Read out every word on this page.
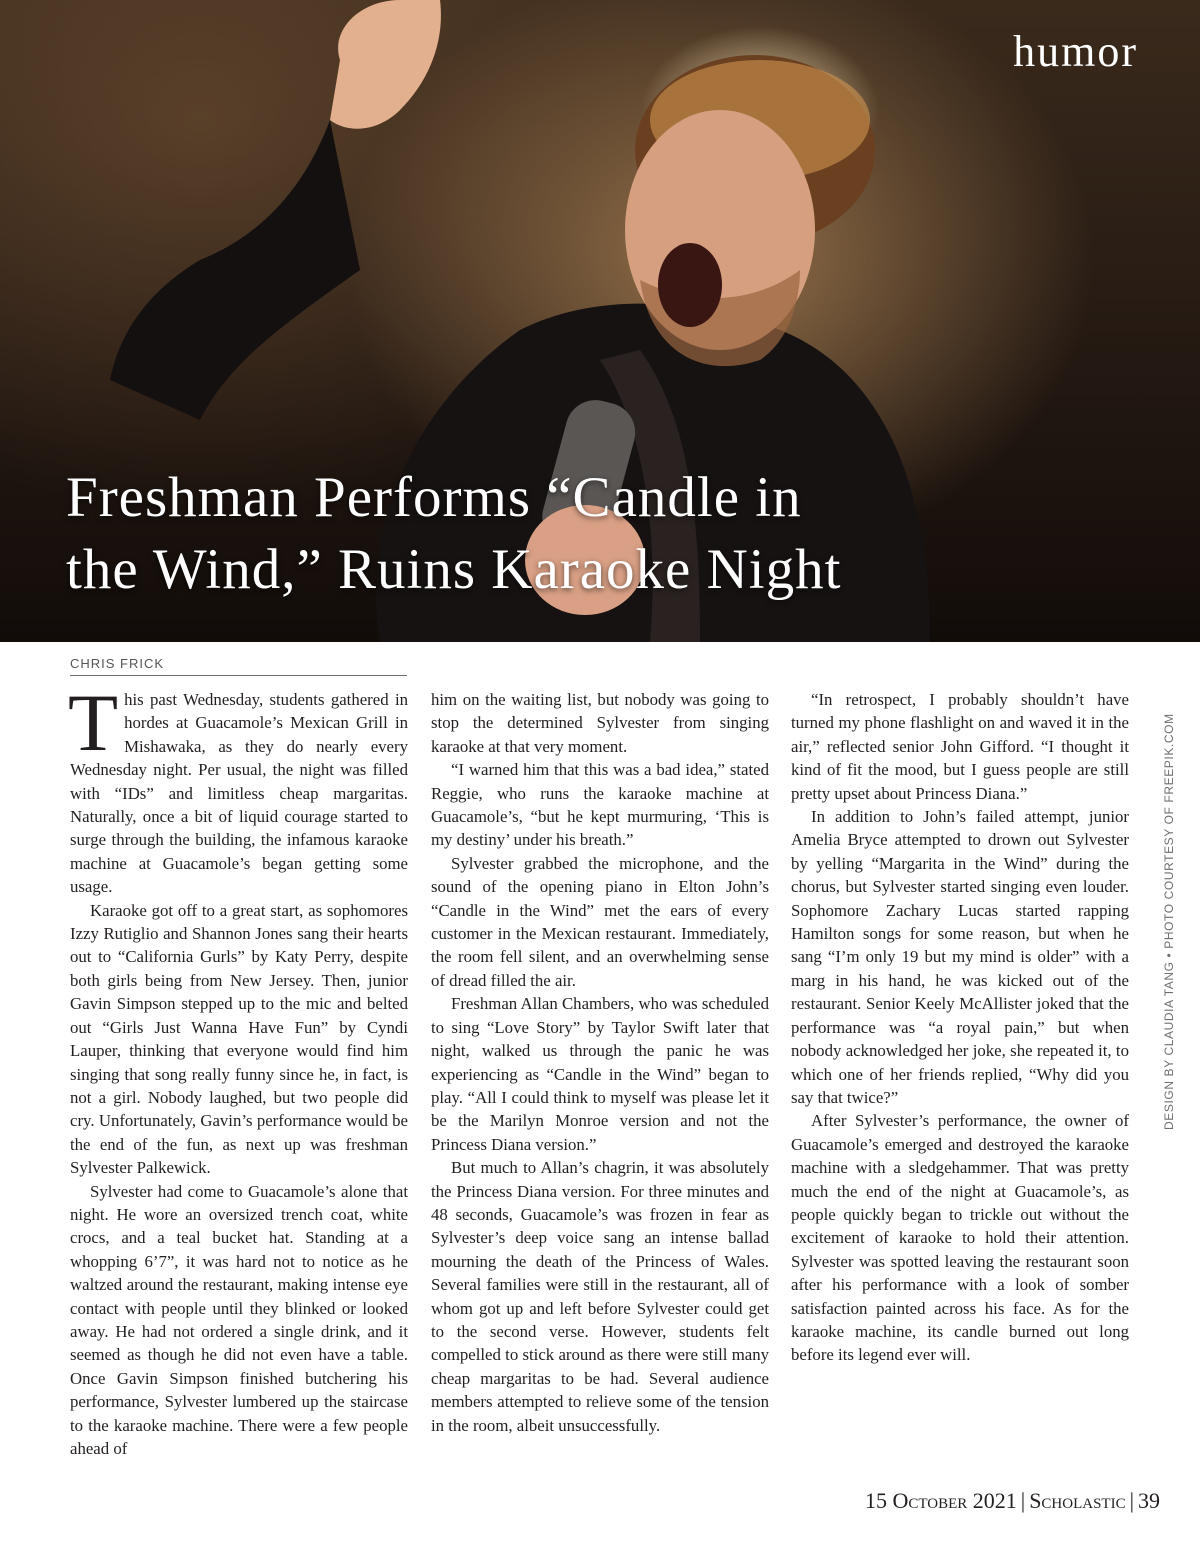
humor
Freshman Performs “Candle in
the Wind,” Ruins Karaoke Night
CHRIS FRICK

This past Wednesday, students gathered in hordes at Guacamole’s Mexican Grill in Mishawaka, as they do nearly every Wednesday night. Per usual, the night was filled with “IDs” and limitless cheap margaritas. Naturally, once a bit of liquid courage started to surge through the building, the infamous karaoke machine at Guacamole’s began getting some usage.

Karaoke got off to a great start, as sophomores Izzy Rutiglio and Shannon Jones sang their hearts out to “California Gurls” by Katy Perry, despite both girls being from New Jersey. Then, junior Gavin Simpson stepped up to the mic and belted out “Girls Just Wanna Have Fun” by Cyndi Lauper, thinking that everyone would find him singing that song really funny since he, in fact, is not a girl. Nobody laughed, but two people did cry. Unfortunately, Gavin’s performance would be the end of the fun, as next up was freshman Sylvester Palkewick.

Sylvester had come to Guacamole’s alone that night. He wore an oversized trench coat, white crocs, and a teal bucket hat. Standing at a whopping 6’7”, it was hard not to notice as he waltzed around the restaurant, making intense eye contact with people until they blinked or looked away. He had not ordered a single drink, and it seemed as though he did not even have a table. Once Gavin Simpson finished butchering his performance, Sylvester lumbered up the staircase to the karaoke machine. There were a few people ahead of

him on the waiting list, but nobody was going to stop the determined Sylvester from singing karaoke at that very moment.

“I warned him that this was a bad idea,” stated Reggie, who runs the karaoke machine at Guacamole’s, “but he kept murmuring, ‘This is my destiny’ under his breath.”

Sylvester grabbed the microphone, and the sound of the opening piano in Elton John’s “Candle in the Wind” met the ears of every customer in the Mexican restaurant. Immediately, the room fell silent, and an overwhelming sense of dread filled the air.

Freshman Allan Chambers, who was scheduled to sing “Love Story” by Taylor Swift later that night, walked us through the panic he was experiencing as “Candle in the Wind” began to play. “All I could think to myself was please let it be the Marilyn Monroe version and not the Princess Diana version.”

But much to Allan’s chagrin, it was absolutely the Princess Diana version. For three minutes and 48 seconds, Guacamole’s was frozen in fear as Sylvester’s deep voice sang an intense ballad mourning the death of the Princess of Wales. Several families were still in the restaurant, all of whom got up and left before Sylvester could get to the second verse. However, students felt compelled to stick around as there were still many cheap margaritas to be had. Several audience members attempted to relieve some of the tension in the room, albeit unsuccessfully.

“In retrospect, I probably shouldn’t have turned my phone flashlight on and waved it in the air,” reflected senior John Gifford. “I thought it kind of fit the mood, but I guess people are still pretty upset about Princess Diana.”

In addition to John’s failed attempt, junior Amelia Bryce attempted to drown out Sylvester by yelling “Margarita in the Wind” during the chorus, but Sylvester started singing even louder. Sophomore Zachary Lucas started rapping Hamilton songs for some reason, but when he sang “I’m only 19 but my mind is older” with a marg in his hand, he was kicked out of the restaurant. Senior Keely McAllister joked that the performance was “a royal pain,” but when nobody acknowledged her joke, she repeated it, to which one of her friends replied, “Why did you say that twice?”

After Sylvester’s performance, the owner of Guacamole’s emerged and destroyed the karaoke machine with a sledgehammer. That was pretty much the end of the night at Guacamole’s, as people quickly began to trickle out without the excitement of karaoke to hold their attention. Sylvester was spotted leaving the restaurant soon after his performance with a look of somber satisfaction painted across his face. As for the karaoke machine, its candle burned out long before its legend ever will.

DESIGN BY CLAUDIA TANG • PHOTO COURTESY OF FREEPIK.COM
15 October 2021 | Scholastic | 39
